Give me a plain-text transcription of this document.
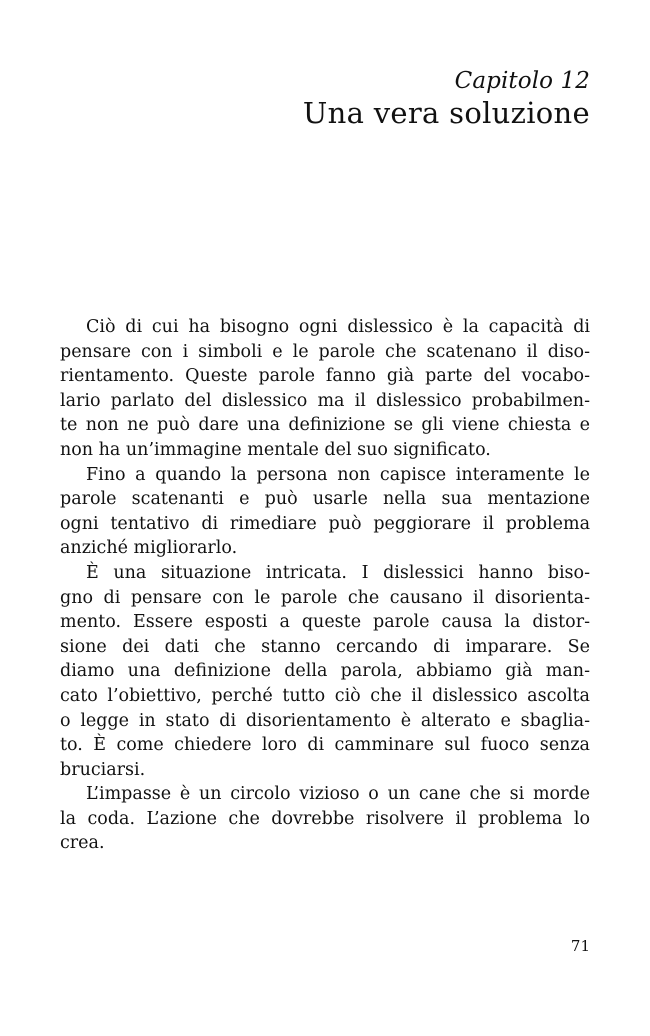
Capitolo 12
Una vera soluzione
Ciò di cui ha bisogno ogni dislessico è la capacità di
pensare con i simboli e le parole che scatenano il diso-
rientamento. Queste parole fanno già parte del vocabo-
lario parlato del dislessico ma il dislessico probabilmen-
te non ne può dare una definizione se gli viene chiesta e
non ha un’immagine mentale del suo significato.
Fino a quando la persona non capisce interamente le
parole scatenanti e può usarle nella sua mentazione
ogni tentativo di rimediare può peggiorare il problema
anziché migliorarlo.
È una situazione intricata. I dislessici hanno biso-
gno di pensare con le parole che causano il disorienta-
mento. Essere esposti a queste parole causa la distor-
sione dei dati che stanno cercando di imparare. Se
diamo una definizione della parola, abbiamo già man-
cato l’obiettivo, perché tutto ciò che il dislessico ascolta
o legge in stato di disorientamento è alterato e sbaglia-
to. È come chiedere loro di camminare sul fuoco senza
bruciarsi.
L’impasse è un circolo vizioso o un cane che si morde
la coda. L’azione che dovrebbe risolvere il problema lo
crea.
71
